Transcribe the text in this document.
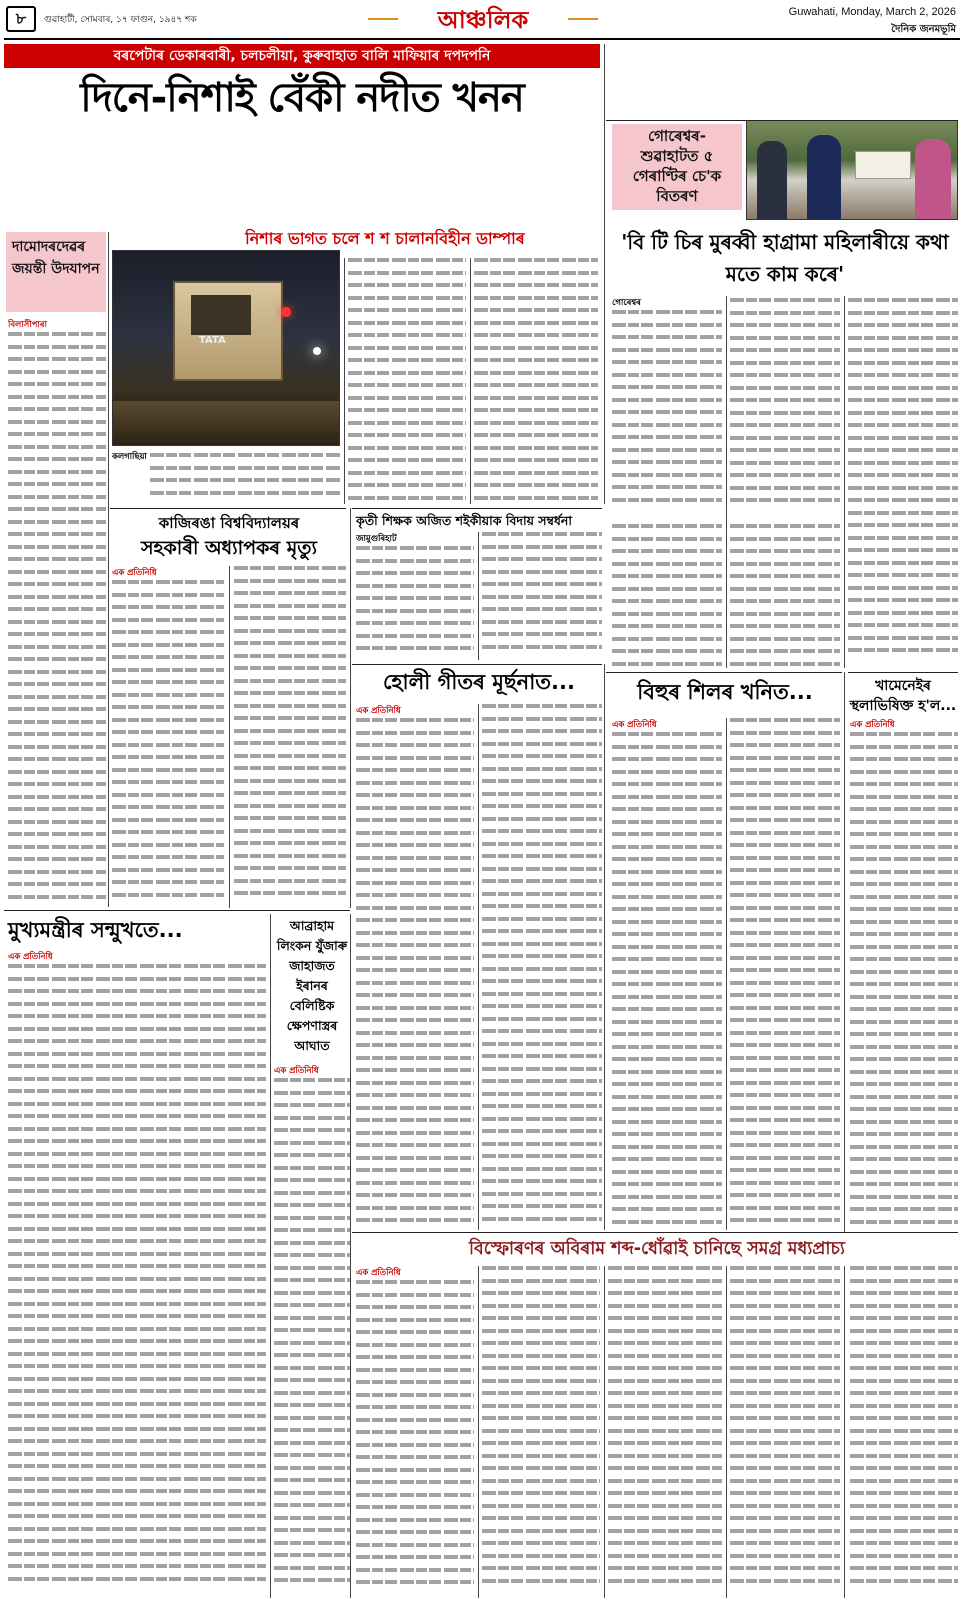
৮	গুৱাহাটী, সোমবাৰ, ১৭ ফাগুন, ১৯৪৭ শক	আঞ্চলিক	Guwahati, Monday, March 2, 2026
দৈনিক জনমভূমি
বৰপেটাৰ ডেকাৰবাৰী, চলচলীয়া, কুৰুবাহাত বালি মাফিয়াৰ দপদপনি
দিনে-নিশাই বেঁকী নদীত খনন
নিশাৰ ভাগত চলে শ শ চালানবিহীন ডাম্পাৰ
দামোদৰদেৱৰ জয়ন্তী উদযাপন
বিলাসীপাৰা
TATA
কলগাছিয়া
গোৰেশ্বৰ- শুৱাহাটত ৫ গেৰাণ্টিৰ চে'ক বিতৰণ
'বি টি চিৰ মুৰব্বী হাগ্ৰামা মহিলাৰীয়ে কথা মতে কাম কৰে'
গোৰেশ্বৰ
কাজিৰঙা বিশ্ববিদ্যালয়ৰ
সহকাৰী অধ্যাপকৰ মৃত্যু
এক প্ৰতিনিধি
কৃতী শিক্ষক অজিত শইকীয়াক বিদায় সম্বৰ্ধনা
জামুগুৰিহাট
খামেনেইৰ স্থলাভিষিক্ত হ'ল...
এক প্ৰতিনিধি
হোলী গীতৰ মূৰ্ছনাত...
এক প্ৰতিনিধি
বিহুৰ শিলৰ খনিত...
এক প্ৰতিনিধি
মুখ্যমন্ত্ৰীৰ সন্মুখতে...
এক প্ৰতিনিধি
আব্ৰাহাম লিংকন যুঁজাৰু জাহাজত ইৰানৰ বেলিষ্টিক ক্ষেপণাস্ত্ৰৰ আঘাত
এক প্ৰতিনিধি
বিস্ফোৰণৰ অবিৰাম শব্দ-ধোঁৱাই চানিছে সমগ্ৰ মধ্যপ্ৰাচ্য
এক প্ৰতিনিধি
